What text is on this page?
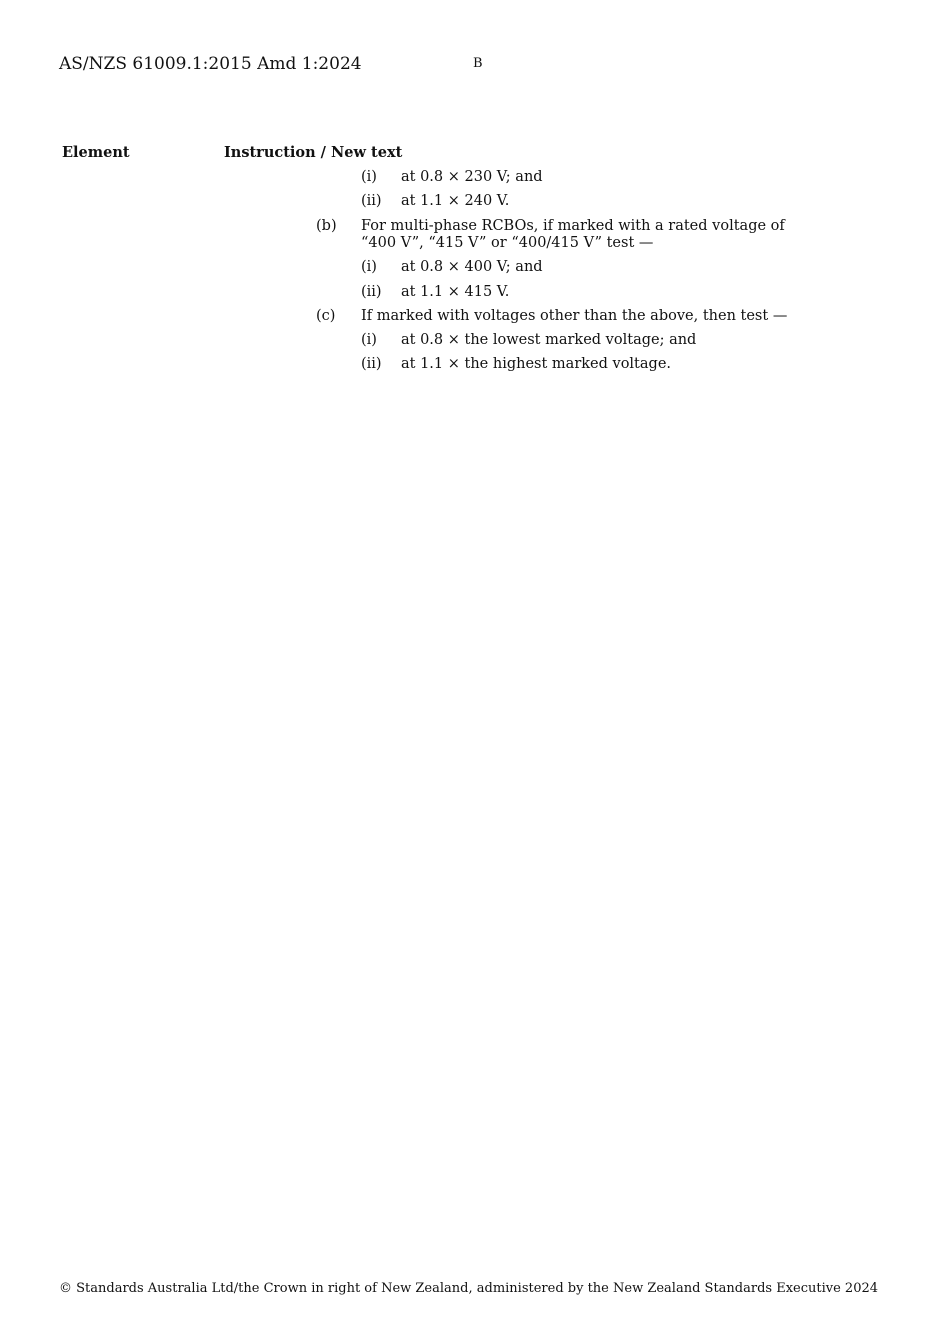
AS/NZS 61009.1:2015 Amd 1:2024	B
Element	Instruction / New text
(i) at 0.8 × 230 V; and
(ii) at 1.1 × 240 V.
(b) For multi-phase RCBOs, if marked with a rated voltage of
“400 V”, “415 V” or “400/415 V” test —
(i) at 0.8 × 400 V; and
(ii) at 1.1 × 415 V.
(c) If marked with voltages other than the above, then test —
(i) at 0.8 × the lowest marked voltage; and
(ii) at 1.1 × the highest marked voltage.
© Standards Australia Ltd/the Crown in right of New Zealand, administered by the New Zealand Standards Executive 2024
